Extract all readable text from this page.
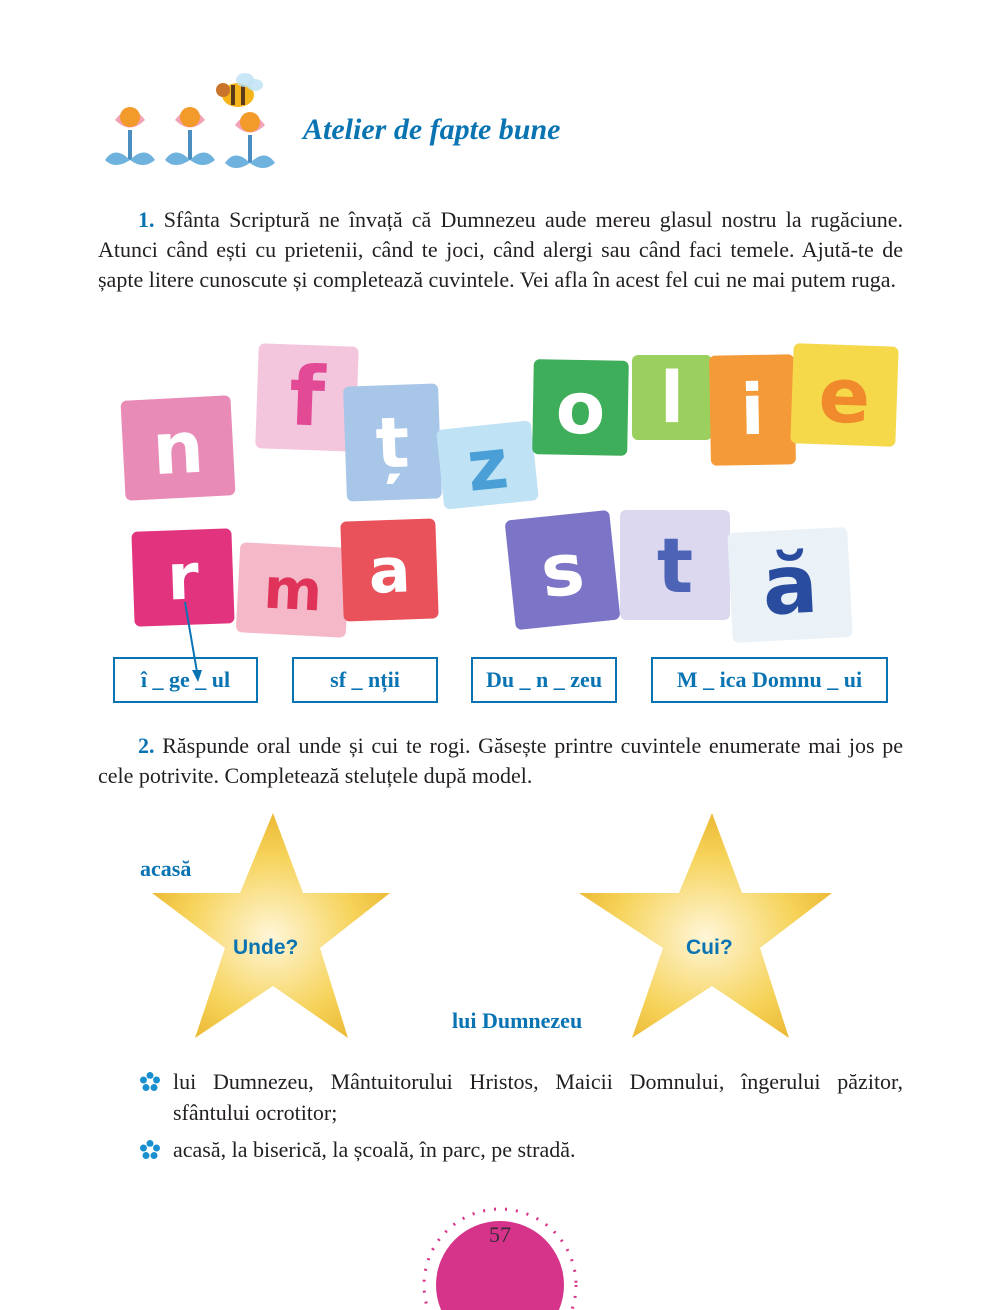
Atelier de fapte bune
1. Sfânta Scriptură ne învață că Dumnezeu aude mereu glasul nostru la rugăciune. Atunci când ești cu prietenii, când te joci, când alergi sau când faci temele. Ajută-te de șapte litere cunoscute și completează cuvintele. Vei afla în acest fel cui ne mai putem ruga.
n
f ț z
o l i e
r	m a	s t ă
î _ ge _ ul	sf _ nții	Du _ n _ zeu	M _ ica Domnu _ ui
2. Răspunde oral unde și cui te rogi. Găsește printre cuvintele enumerate mai jos pe cele potrivite. Completează steluțele după model.
Unde?
acasă
Cui?
lui Dumnezeu
lui Dumnezeu, Mântuitorului Hristos, Maicii Domnului, îngerului păzitor, sfântului ocrotitor;
acasă, la biserică, la școală, în parc, pe stradă.
57
